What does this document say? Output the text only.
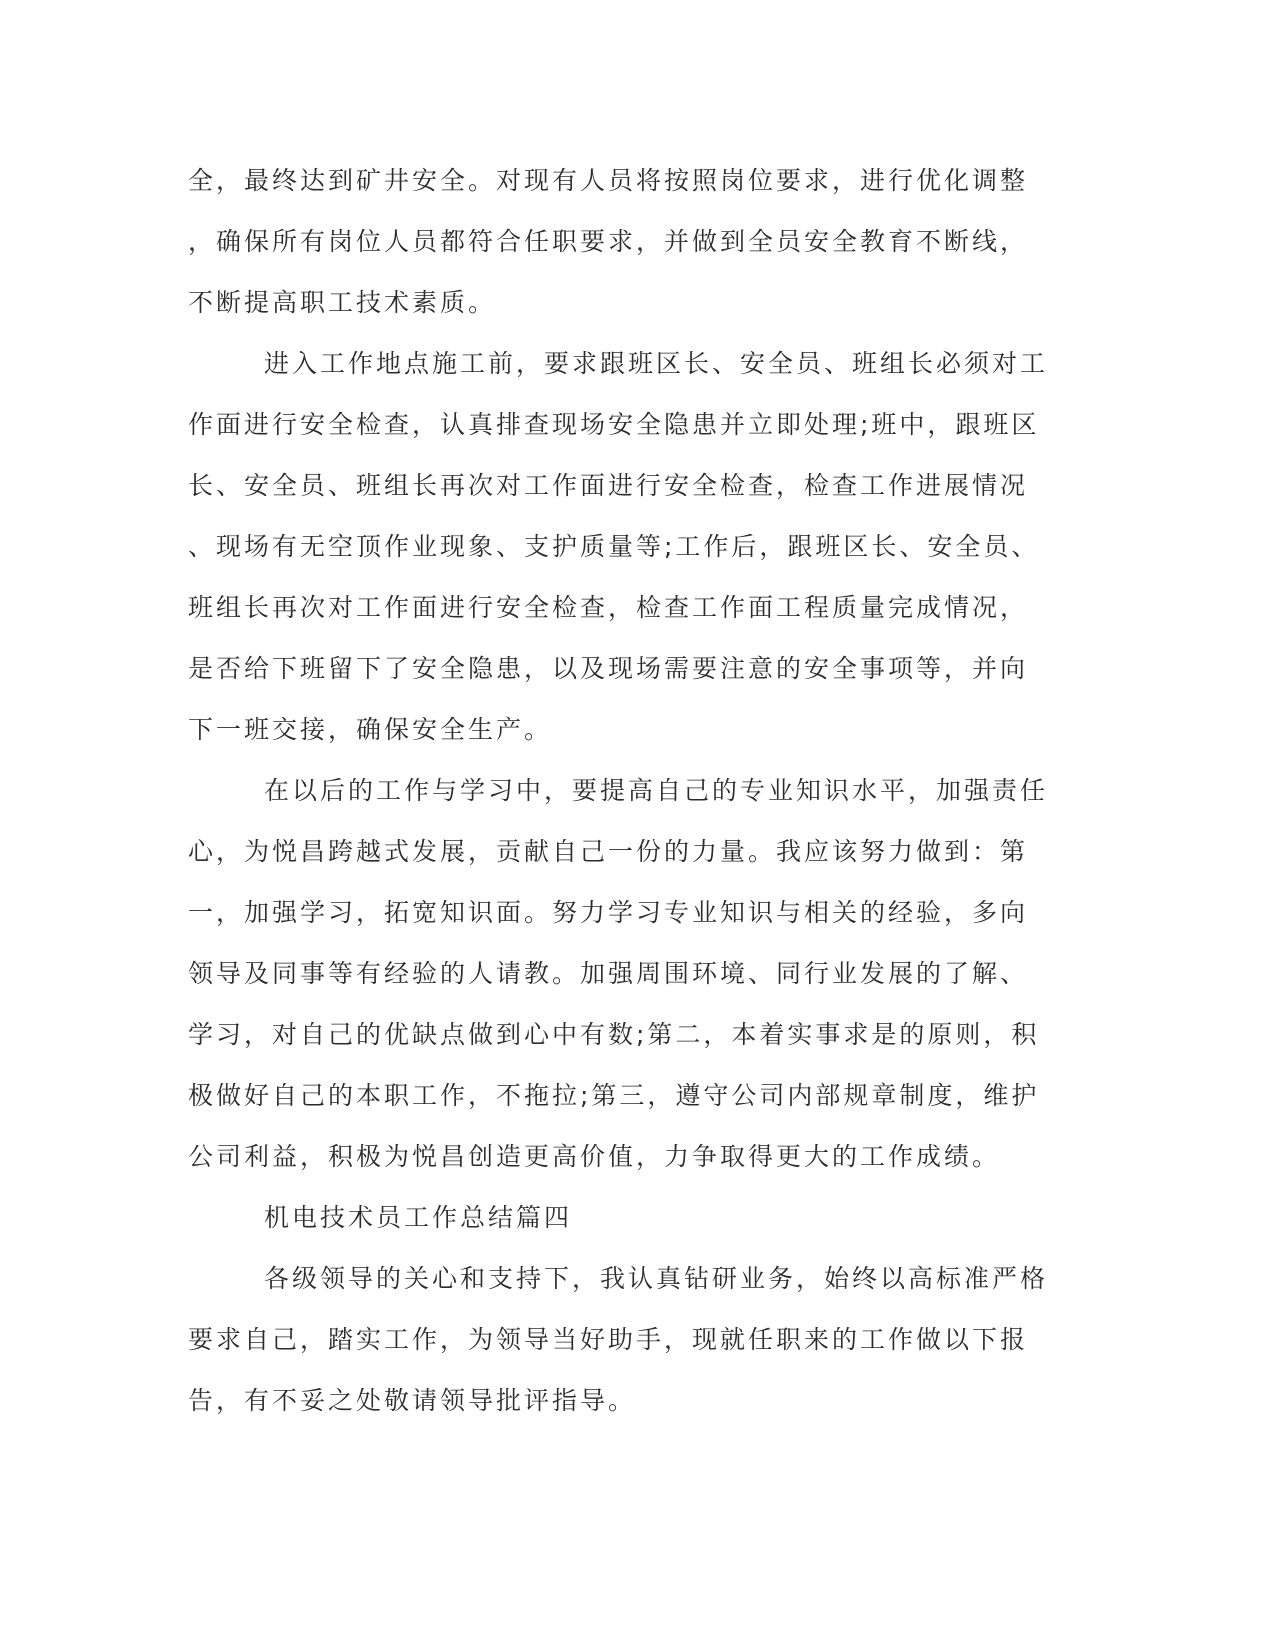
全，最终达到矿井安全。对现有人员将按照岗位要求，进行优化调整
，确保所有岗位人员都符合任职要求，并做到全员安全教育不断线，
不断提高职工技术素质。
进入工作地点施工前，要求跟班区长、安全员、班组长必须对工
作面进行安全检查，认真排查现场安全隐患并立即处理;班中，跟班区
长、安全员、班组长再次对工作面进行安全检查，检查工作进展情况
、现场有无空顶作业现象、支护质量等;工作后，跟班区长、安全员、
班组长再次对工作面进行安全检查，检查工作面工程质量完成情况，
是否给下班留下了安全隐患，以及现场需要注意的安全事项等，并向
下一班交接，确保安全生产。
在以后的工作与学习中，要提高自己的专业知识水平，加强责任
心，为悦昌跨越式发展，贡献自己一份的力量。我应该努力做到：第
一，加强学习，拓宽知识面。努力学习专业知识与相关的经验，多向
领导及同事等有经验的人请教。加强周围环境、同行业发展的了解、
学习，对自己的优缺点做到心中有数;第二，本着实事求是的原则，积
极做好自己的本职工作，不拖拉;第三，遵守公司内部规章制度，维护
公司利益，积极为悦昌创造更高价值，力争取得更大的工作成绩。
机电技术员工作总结篇四
各级领导的关心和支持下，我认真钻研业务，始终以高标准严格
要求自己，踏实工作，为领导当好助手，现就任职来的工作做以下报
告，有不妥之处敬请领导批评指导。
